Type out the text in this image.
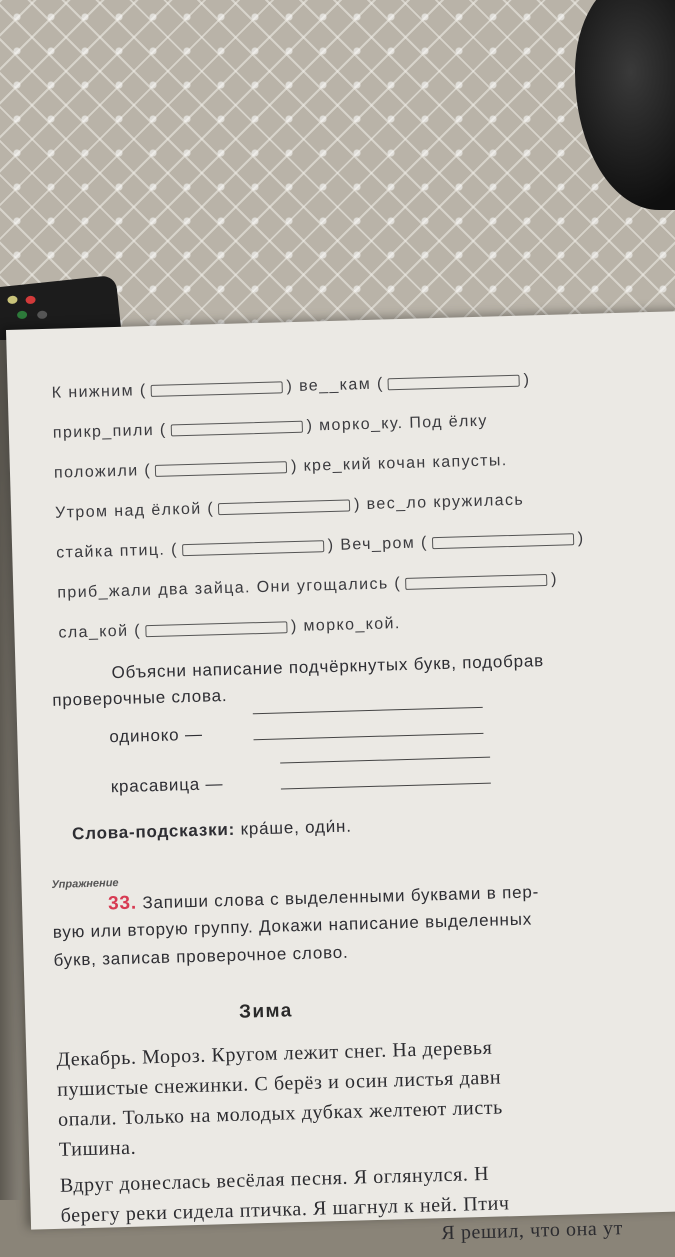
К нижним (	) ве__кам (	)
прикр_пили (	) морко_ку. Под ёлку
положили (	) кре_кий кочан капусты.
Утром над ёлкой (	) вес_ло кружилась
стайка птиц. (	) Веч_ром (	)
приб_жали два зайца. Они угощались (	)
сла_кой (	) морко_кой.
Объясни написание подчёркнутых букв, подобрав
проверочные слова.
одиноко —
красавица —
Слова-подсказки: кра́ше, оди́н.
Упражнение
33. Запиши слова с выделенными буквами в пер-
вую или вторую группу. Докажи написание выделенных
букв, записав проверочное слово.
Зима
Декабрь. Мороз. Кругом лежит снег. На деревья
пушистые снежинки. С берёз и осин листья давн
опали. Только на молодых дубках желтеют листь
Тишина.
Вдруг донеслась весёлая песня. Я оглянулся. Н
берегу реки сидела птичка. Я шагнул к ней. Птич
Я решил, что она ут
